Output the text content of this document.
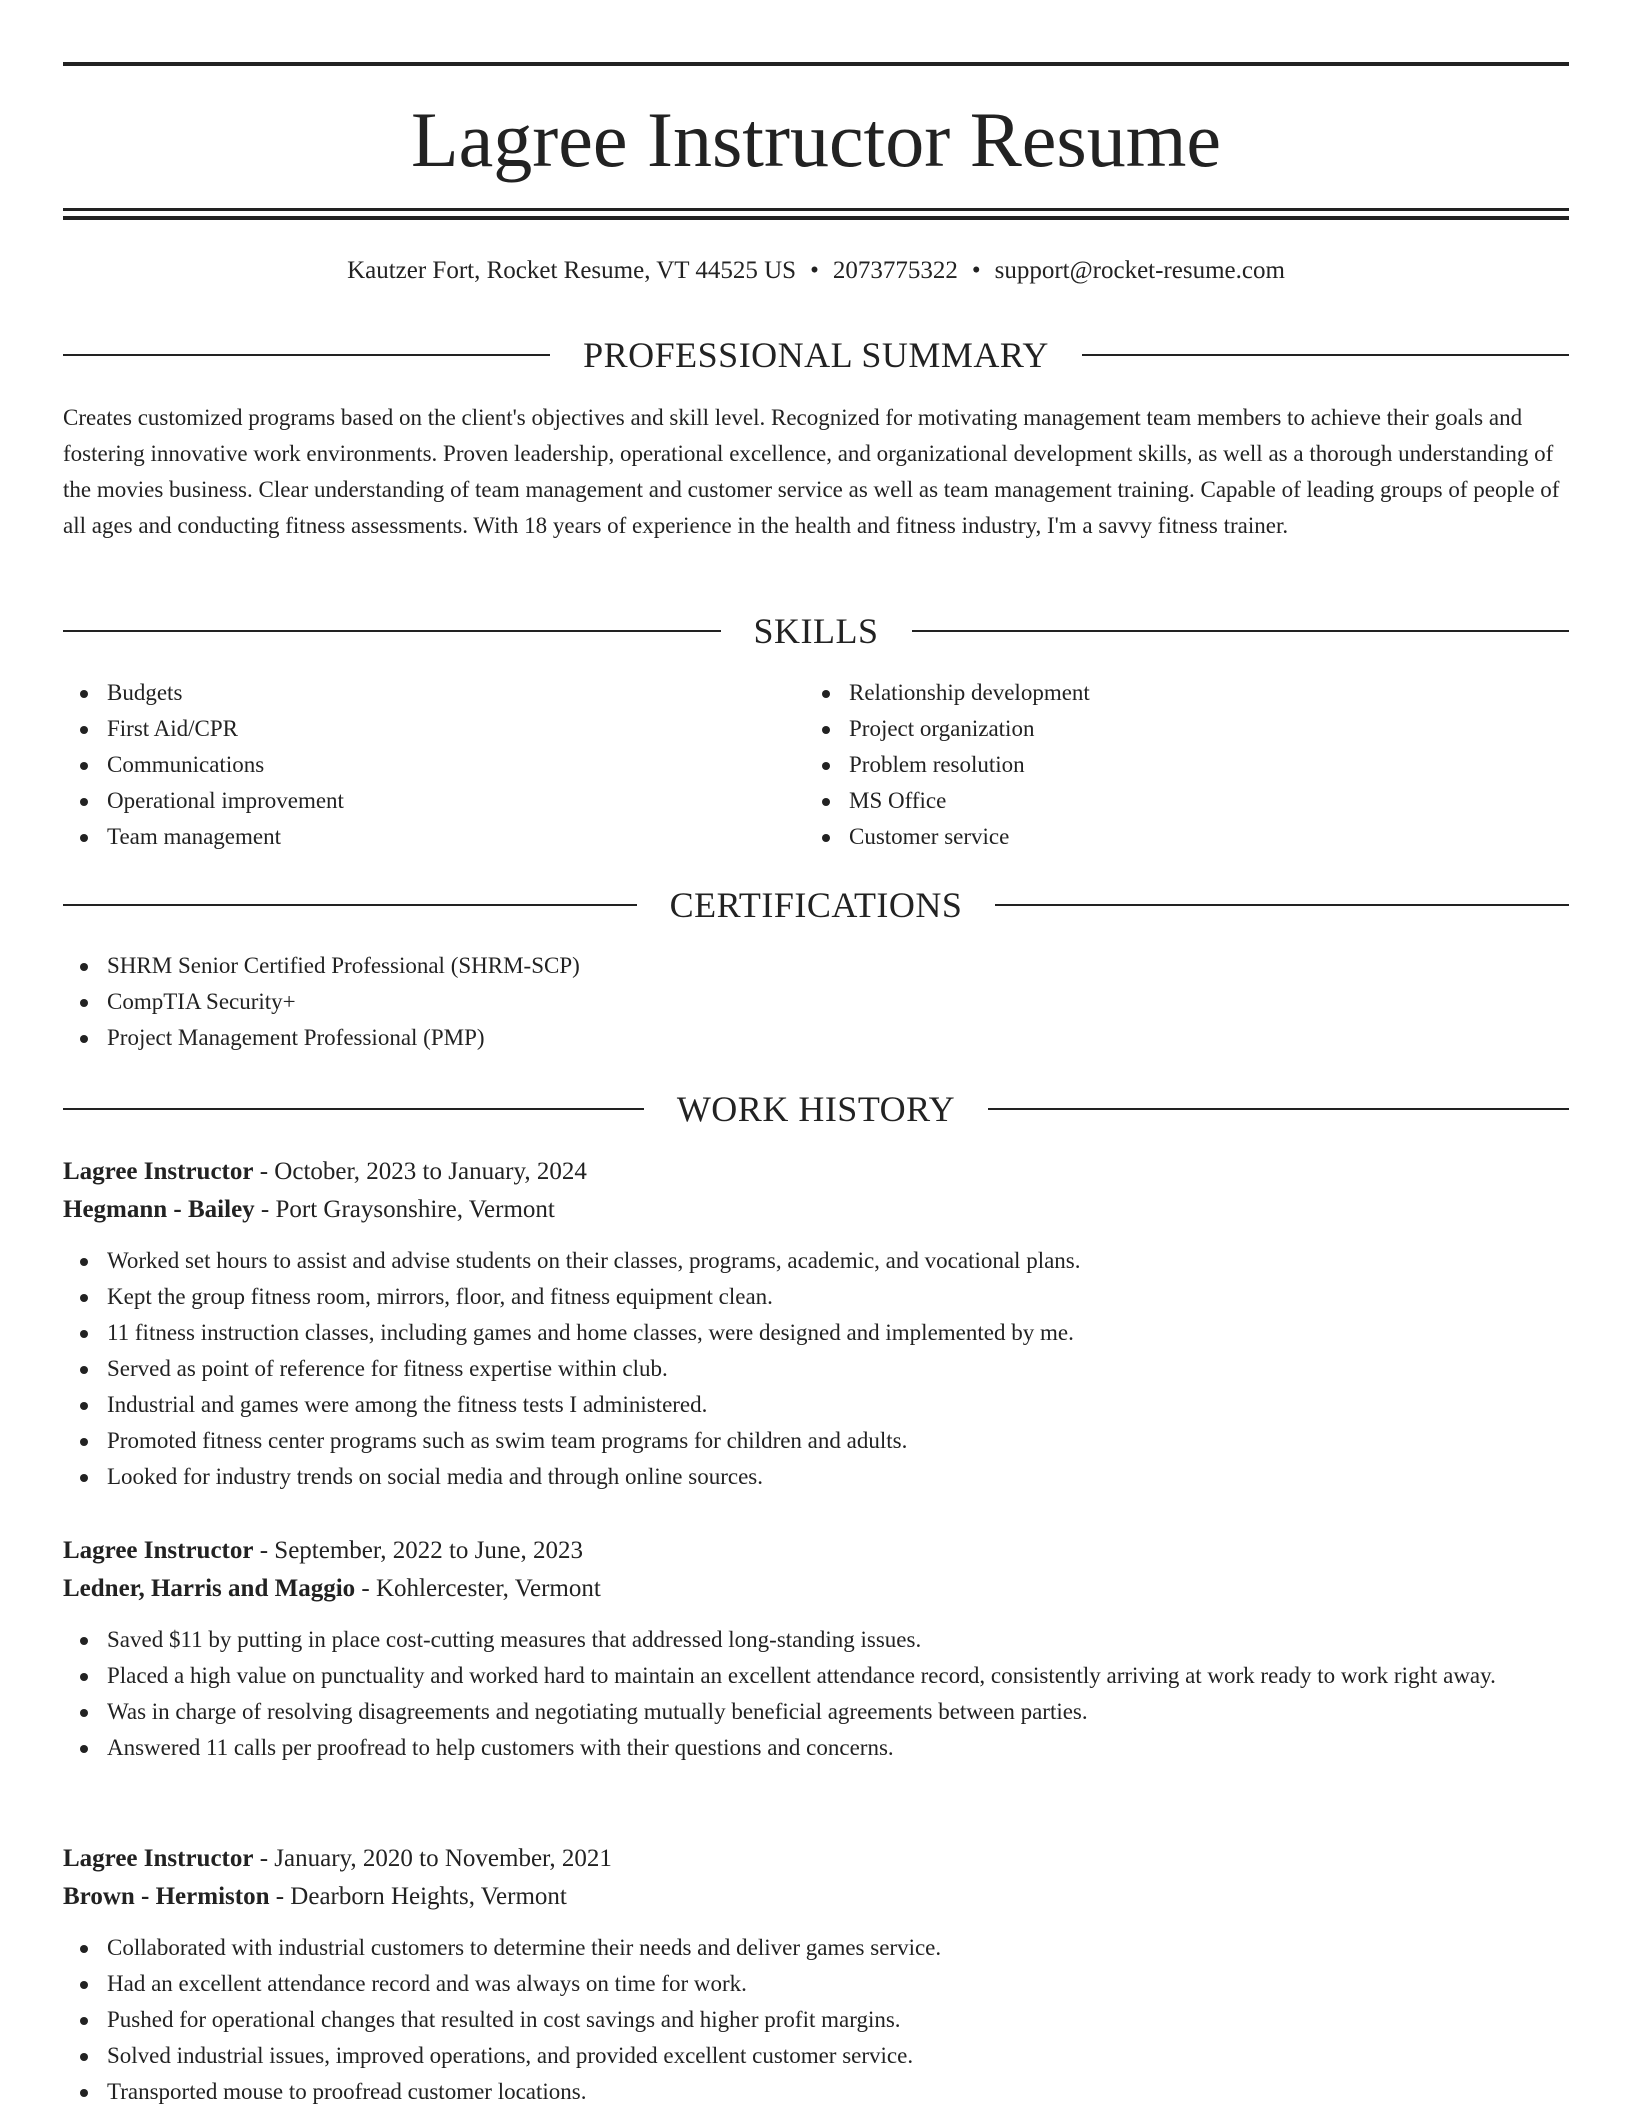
Lagree Instructor Resume
Kautzer Fort, Rocket Resume, VT 44525 US • 2073775322 • support@rocket-resume.com
PROFESSIONAL SUMMARY

Creates customized programs based on the client's objectives and skill level. Recognized for motivating management team members to achieve their goals and fostering innovative work environments. Proven leadership, operational excellence, and organizational development skills, as well as a thorough understanding of the movies business. Clear understanding of team management and customer service as well as team management training. Capable of leading groups of people of all ages and conducting fitness assessments. With 18 years of experience in the health and fitness industry, I'm a savvy fitness trainer.

SKILLS
Budgets
First Aid/CPR
Communications
Operational improvement
Team management
Relationship development
Project organization
Problem resolution
MS Office
Customer service
CERTIFICATIONS
SHRM Senior Certified Professional (SHRM-SCP)
CompTIA Security+
Project Management Professional (PMP)
WORK HISTORY
Lagree Instructor - October, 2023 to January, 2024
Hegmann - Bailey - Port Graysonshire, Vermont
Worked set hours to assist and advise students on their classes, programs, academic, and vocational plans.
Kept the group fitness room, mirrors, floor, and fitness equipment clean.
11 fitness instruction classes, including games and home classes, were designed and implemented by me.
Served as point of reference for fitness expertise within club.
Industrial and games were among the fitness tests I administered.
Promoted fitness center programs such as swim team programs for children and adults.
Looked for industry trends on social media and through online sources.
Lagree Instructor - September, 2022 to June, 2023
Ledner, Harris and Maggio - Kohlercester, Vermont
Saved $11 by putting in place cost-cutting measures that addressed long-standing issues.
Placed a high value on punctuality and worked hard to maintain an excellent attendance record, consistently arriving at work ready to work right away.
Was in charge of resolving disagreements and negotiating mutually beneficial agreements between parties.
Answered 11 calls per proofread to help customers with their questions and concerns.
Lagree Instructor - January, 2020 to November, 2021
Brown - Hermiston - Dearborn Heights, Vermont
Collaborated with industrial customers to determine their needs and deliver games service.
Had an excellent attendance record and was always on time for work.
Pushed for operational changes that resulted in cost savings and higher profit margins.
Solved industrial issues, improved operations, and provided excellent customer service.
Transported mouse to proofread customer locations.
